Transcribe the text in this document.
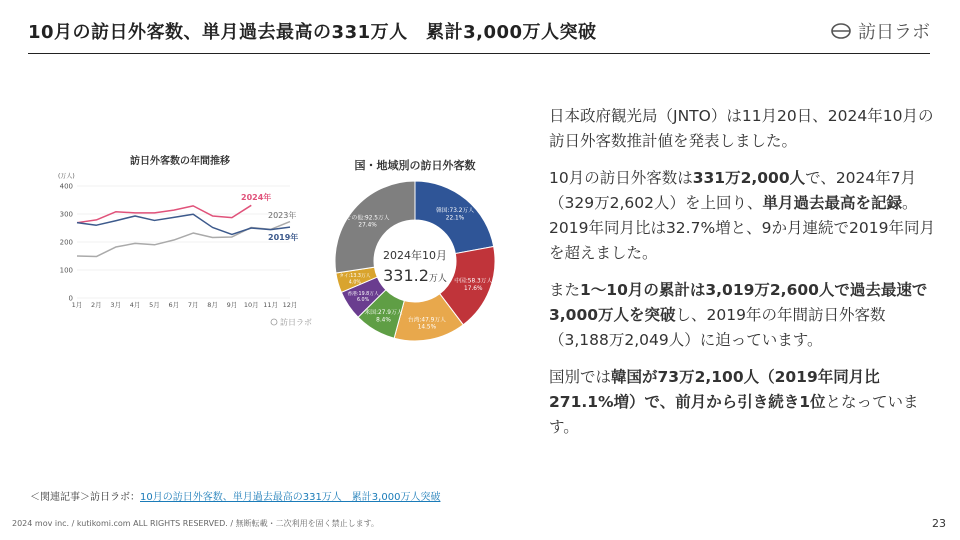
10月の訪日外客数、単月過去最高の331万人　累計3,000万人突破	訪日ラボ
訪日外客数の年間推移
(万人)
400
300
200
100
0
1月 2月 3月 4月 5月 6月 7月 8月 9月 10月 11月 12月
2024年
2023年
2019年
訪日ラボ
国・地域別の訪日外客数
韓国:73.2万人
22.1%
中国:58.3万人
17.6%
台湾:47.9万人
14.5%
米国:27.9万人
8.4%
香港:19.8万人
6.0%
タイ:13.3万人
4.0%
その他:92.5万人
27.4%
2024年10月
331.2万人

日本政府観光局（JNTO）は11月20日、2024年10月の訪日外客数推計値を発表しました。

10月の訪日外客数は331万2,000人で、2024年7月（329万2,602人）を上回り、単月過去最高を記録。2019年同月比は32.7%増と、9か月連続で2019年同月を超えました。

また1〜10月の累計は3,019万2,600人で過去最速で3,000万人を突破し、2019年の年間訪日外客数（3,188万2,049人）に迫っています。

国別では韓国が73万2,100人（2019年同月比271.1%増）で、前月から引き続き1位となっています。

＜関連記事＞訪日ラボ：10月の訪日外客数、単月過去最高の331万人　累計3,000万人突破
2024 mov inc. / kutikomi.com ALL RIGHTS RESERVED. / 無断転載・二次利用を固く禁止します。	23
